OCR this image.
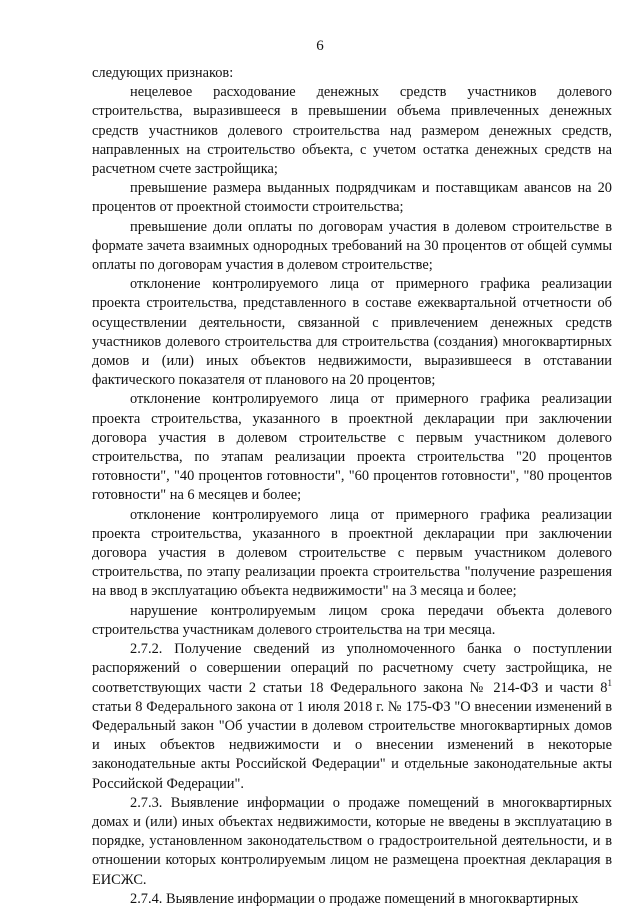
6

следующих признаков:

нецелевое расходование денежных средств участников долевого строительства, выразившееся в превышении объема привлеченных денежных средств участников долевого строительства над размером денежных средств, направленных на строительство объекта, с учетом остатка денежных средств на расчетном счете застройщика;

превышение размера выданных подрядчикам и поставщикам авансов на 20 процентов от проектной стоимости строительства;

превышение доли оплаты по договорам участия в долевом строительстве в формате зачета взаимных однородных требований на 30 процентов от общей суммы оплаты по договорам участия в долевом строительстве;

отклонение контролируемого лица от примерного графика реализации проекта строительства, представленного в составе ежеквартальной отчетности об осуществлении деятельности, связанной с привлечением денежных средств участников долевого строительства для строительства (создания) многоквартирных домов и (или) иных объектов недвижимости, выразившееся в отставании фактического показателя от планового на 20 процентов;

отклонение контролируемого лица от примерного графика реализации проекта строительства, указанного в проектной декларации при заключении договора участия в долевом строительстве с первым участником долевого строительства, по этапам реализации проекта строительства "20 процентов готовности", "40 процентов готовности", "60 процентов готовности", "80 процентов готовности" на 6 месяцев и более;

отклонение контролируемого лица от примерного графика реализации проекта строительства, указанного в проектной декларации при заключении договора участия в долевом строительстве с первым участником долевого строительства, по этапу реализации проекта строительства "получение разрешения на ввод в эксплуатацию объекта недвижимости" на 3 месяца и более;

нарушение контролируемым лицом срока передачи объекта долевого строительства участникам долевого строительства на три месяца.

2.7.2. Получение сведений из уполномоченного банка о поступлении распоряжений о совершении операций по расчетному счету застройщика, не соответствующих части 2 статьи 18 Федерального закона № 214-ФЗ и части $8^1$ статьи 8 Федерального закона от 1 июля 2018 г. № 175-ФЗ "О внесении изменений в Федеральный закон "Об участии в долевом строительстве многоквартирных домов и иных объектов недвижимости и о внесении изменений в некоторые законодательные акты Российской Федерации" и отдельные законодательные акты Российской Федерации".

2.7.3. Выявление информации о продаже помещений в многоквартирных домах и (или) иных объектах недвижимости, которые не введены в эксплуатацию в порядке, установленном законодательством о градостроительной деятельности, и в отношении которых контролируемым лицом не размещена проектная декларация в ЕИСЖС.

2.7.4. Выявление информации о продаже помещений в многоквартирных
